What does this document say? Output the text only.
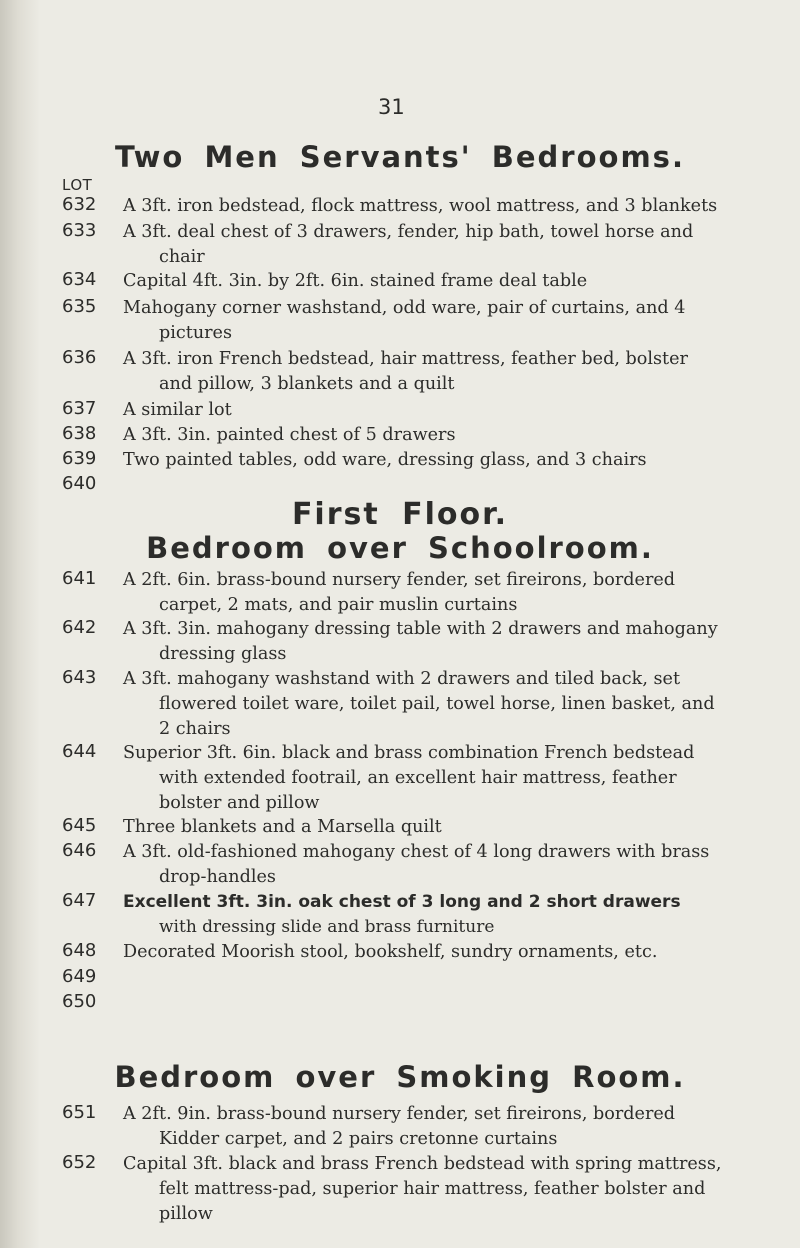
31
Two Men Servants' Bedrooms.
LOT
632 A 3ft. iron bedstead, flock mattress, wool mattress, and 3 blankets
633 A 3ft. deal chest of 3 drawers, fender, hip bath, towel horse and
chair
634 Capital 4ft. 3in. by 2ft. 6in. stained frame deal table
635 Mahogany corner washstand, odd ware, pair of curtains, and 4
pictures
636 A 3ft. iron French bedstead, hair mattress, feather bed, bolster
and pillow, 3 blankets and a quilt
637 A similar lot
638 A 3ft. 3in. painted chest of 5 drawers
639 Two painted tables, odd ware, dressing glass, and 3 chairs
640
First Floor.
Bedroom over Schoolroom.
641 A 2ft. 6in. brass-bound nursery fender, set fireirons, bordered
carpet, 2 mats, and pair muslin curtains
642 A 3ft. 3in. mahogany dressing table with 2 drawers and mahogany
dressing glass
643 A 3ft. mahogany washstand with 2 drawers and tiled back, set
flowered toilet ware, toilet pail, towel horse, linen basket, and
2 chairs
644 Superior 3ft. 6in. black and brass combination French bedstead
with extended footrail, an excellent hair mattress, feather
bolster and pillow
645 Three blankets and a Marsella quilt
646 A 3ft. old-fashioned mahogany chest of 4 long drawers with brass
drop-handles
647 Excellent 3ft. 3in. oak chest of 3 long and 2 short drawers
with dressing slide and brass furniture
648 Decorated Moorish stool, bookshelf, sundry ornaments, etc.
649
650
Bedroom over Smoking Room.
651 A 2ft. 9in. brass-bound nursery fender, set fireirons, bordered
Kidder carpet, and 2 pairs cretonne curtains
652 Capital 3ft. black and brass French bedstead with spring mattress,
felt mattress-pad, superior hair mattress, feather bolster and
pillow
